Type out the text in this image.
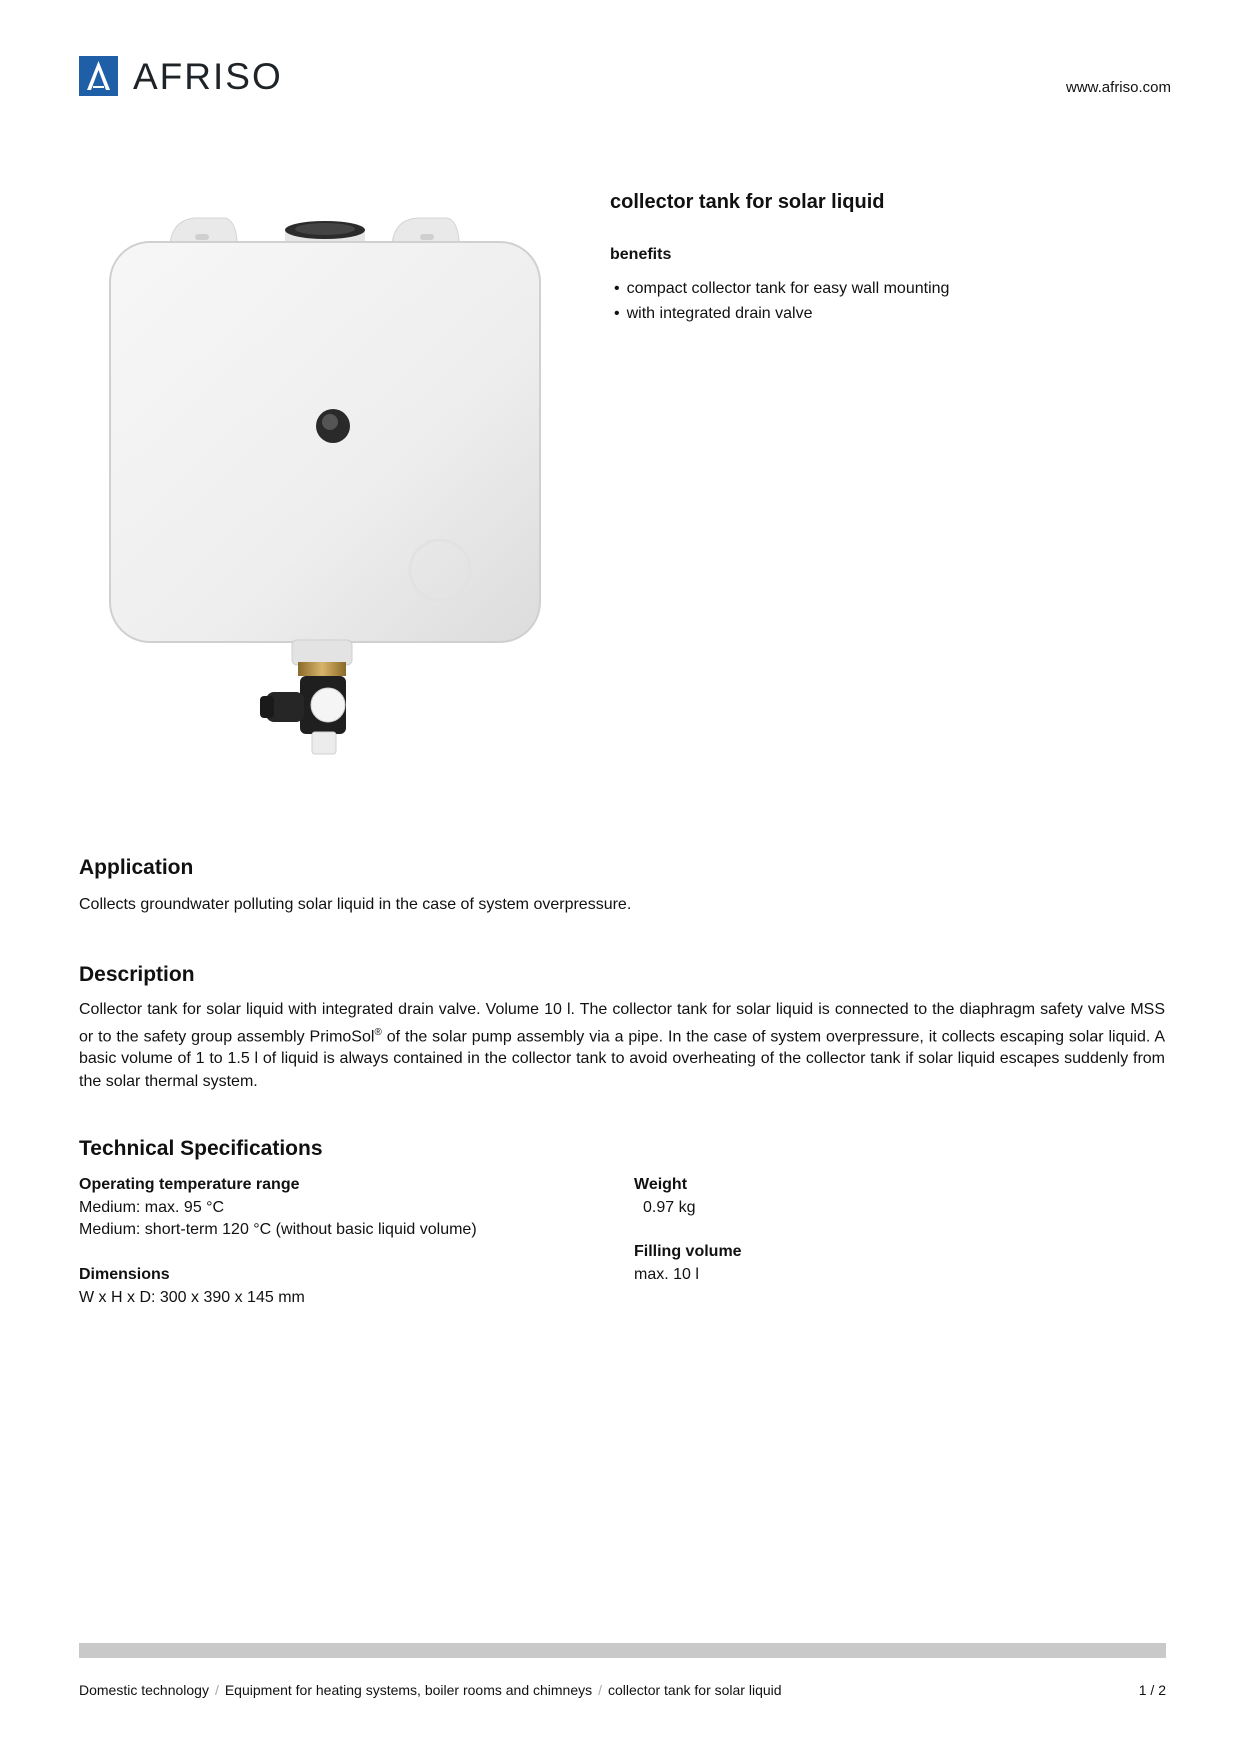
AFRISO	www.afriso.com
collector tank for solar liquid
benefits
• compact collector tank for easy wall mounting
• with integrated drain valve
Application

Collects groundwater polluting solar liquid in the case of system overpressure.

Description

Collector tank for solar liquid with integrated drain valve. Volume 10 l. The collector tank for solar liquid is connected to the diaphragm safety valve MSS or to the safety group assembly PrimoSol® of the solar pump assembly via a pipe. In the case of system overpressure, it collects escaping solar liquid. A basic volume of 1 to 1.5 l of liquid is always contained in the collector tank to avoid overheating of the collector tank if solar liquid escapes suddenly from the solar thermal system.

Technical Specifications
Operating temperature range
Medium: max. 95 °C
Medium: short-term 120 °C (without basic liquid volume)
Dimensions
W x H x D: 300 x 390 x 145 mm
Weight
0.97 kg
Filling volume
max. 10 l
Domestic technology / Equipment for heating systems, boiler rooms and chimneys / collector tank for solar liquid	1 / 2
